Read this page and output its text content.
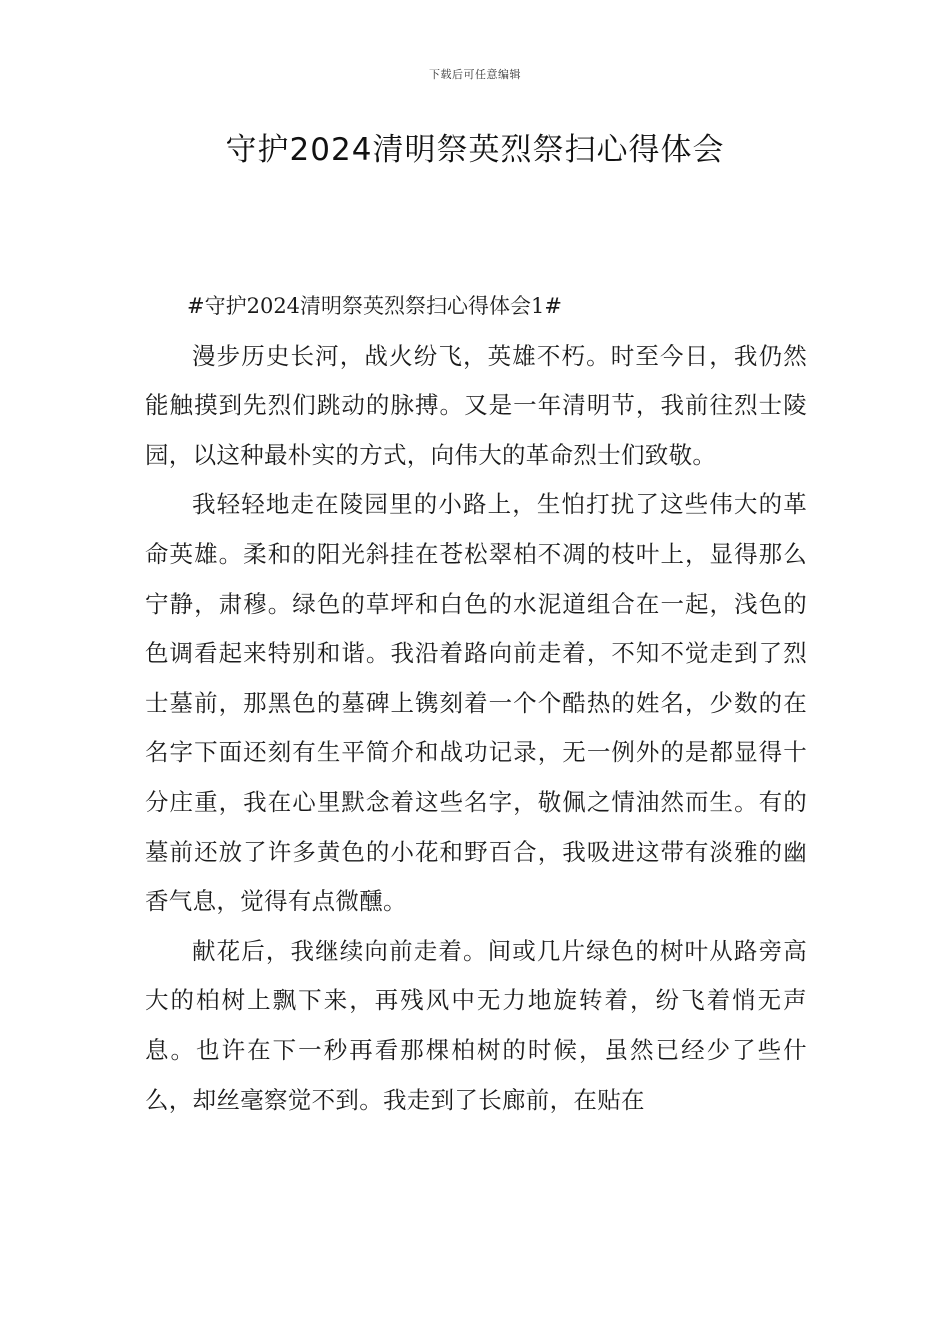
下载后可任意编辑
守护2024清明祭英烈祭扫心得体会

#守护2024清明祭英烈祭扫心得体会1#

漫步历史长河，战火纷飞，英雄不朽。时至今日，我仍然能触摸到先烈们跳动的脉搏。又是一年清明节，我前往烈士陵园，以这种最朴实的方式，向伟大的革命烈士们致敬。

我轻轻地走在陵园里的小路上，生怕打扰了这些伟大的革命英雄。柔和的阳光斜挂在苍松翠柏不凋的枝叶上，显得那么宁静，肃穆。绿色的草坪和白色的水泥道组合在一起，浅色的色调看起来特别和谐。我沿着路向前走着，不知不觉走到了烈士墓前，那黑色的墓碑上镌刻着一个个酷热的姓名，少数的在名字下面还刻有生平简介和战功记录，无一例外的是都显得十分庄重，我在心里默念着这些名字，敬佩之情油然而生。有的墓前还放了许多黄色的小花和野百合，我吸进这带有淡雅的幽香气息，觉得有点微醺。

献花后，我继续向前走着。间或几片绿色的树叶从路旁高大的柏树上飘下来，再残风中无力地旋转着，纷飞着悄无声息。也许在下一秒再看那棵柏树的时候，虽然已经少了些什么，却丝毫察觉不到。我走到了长廊前，在贴在
